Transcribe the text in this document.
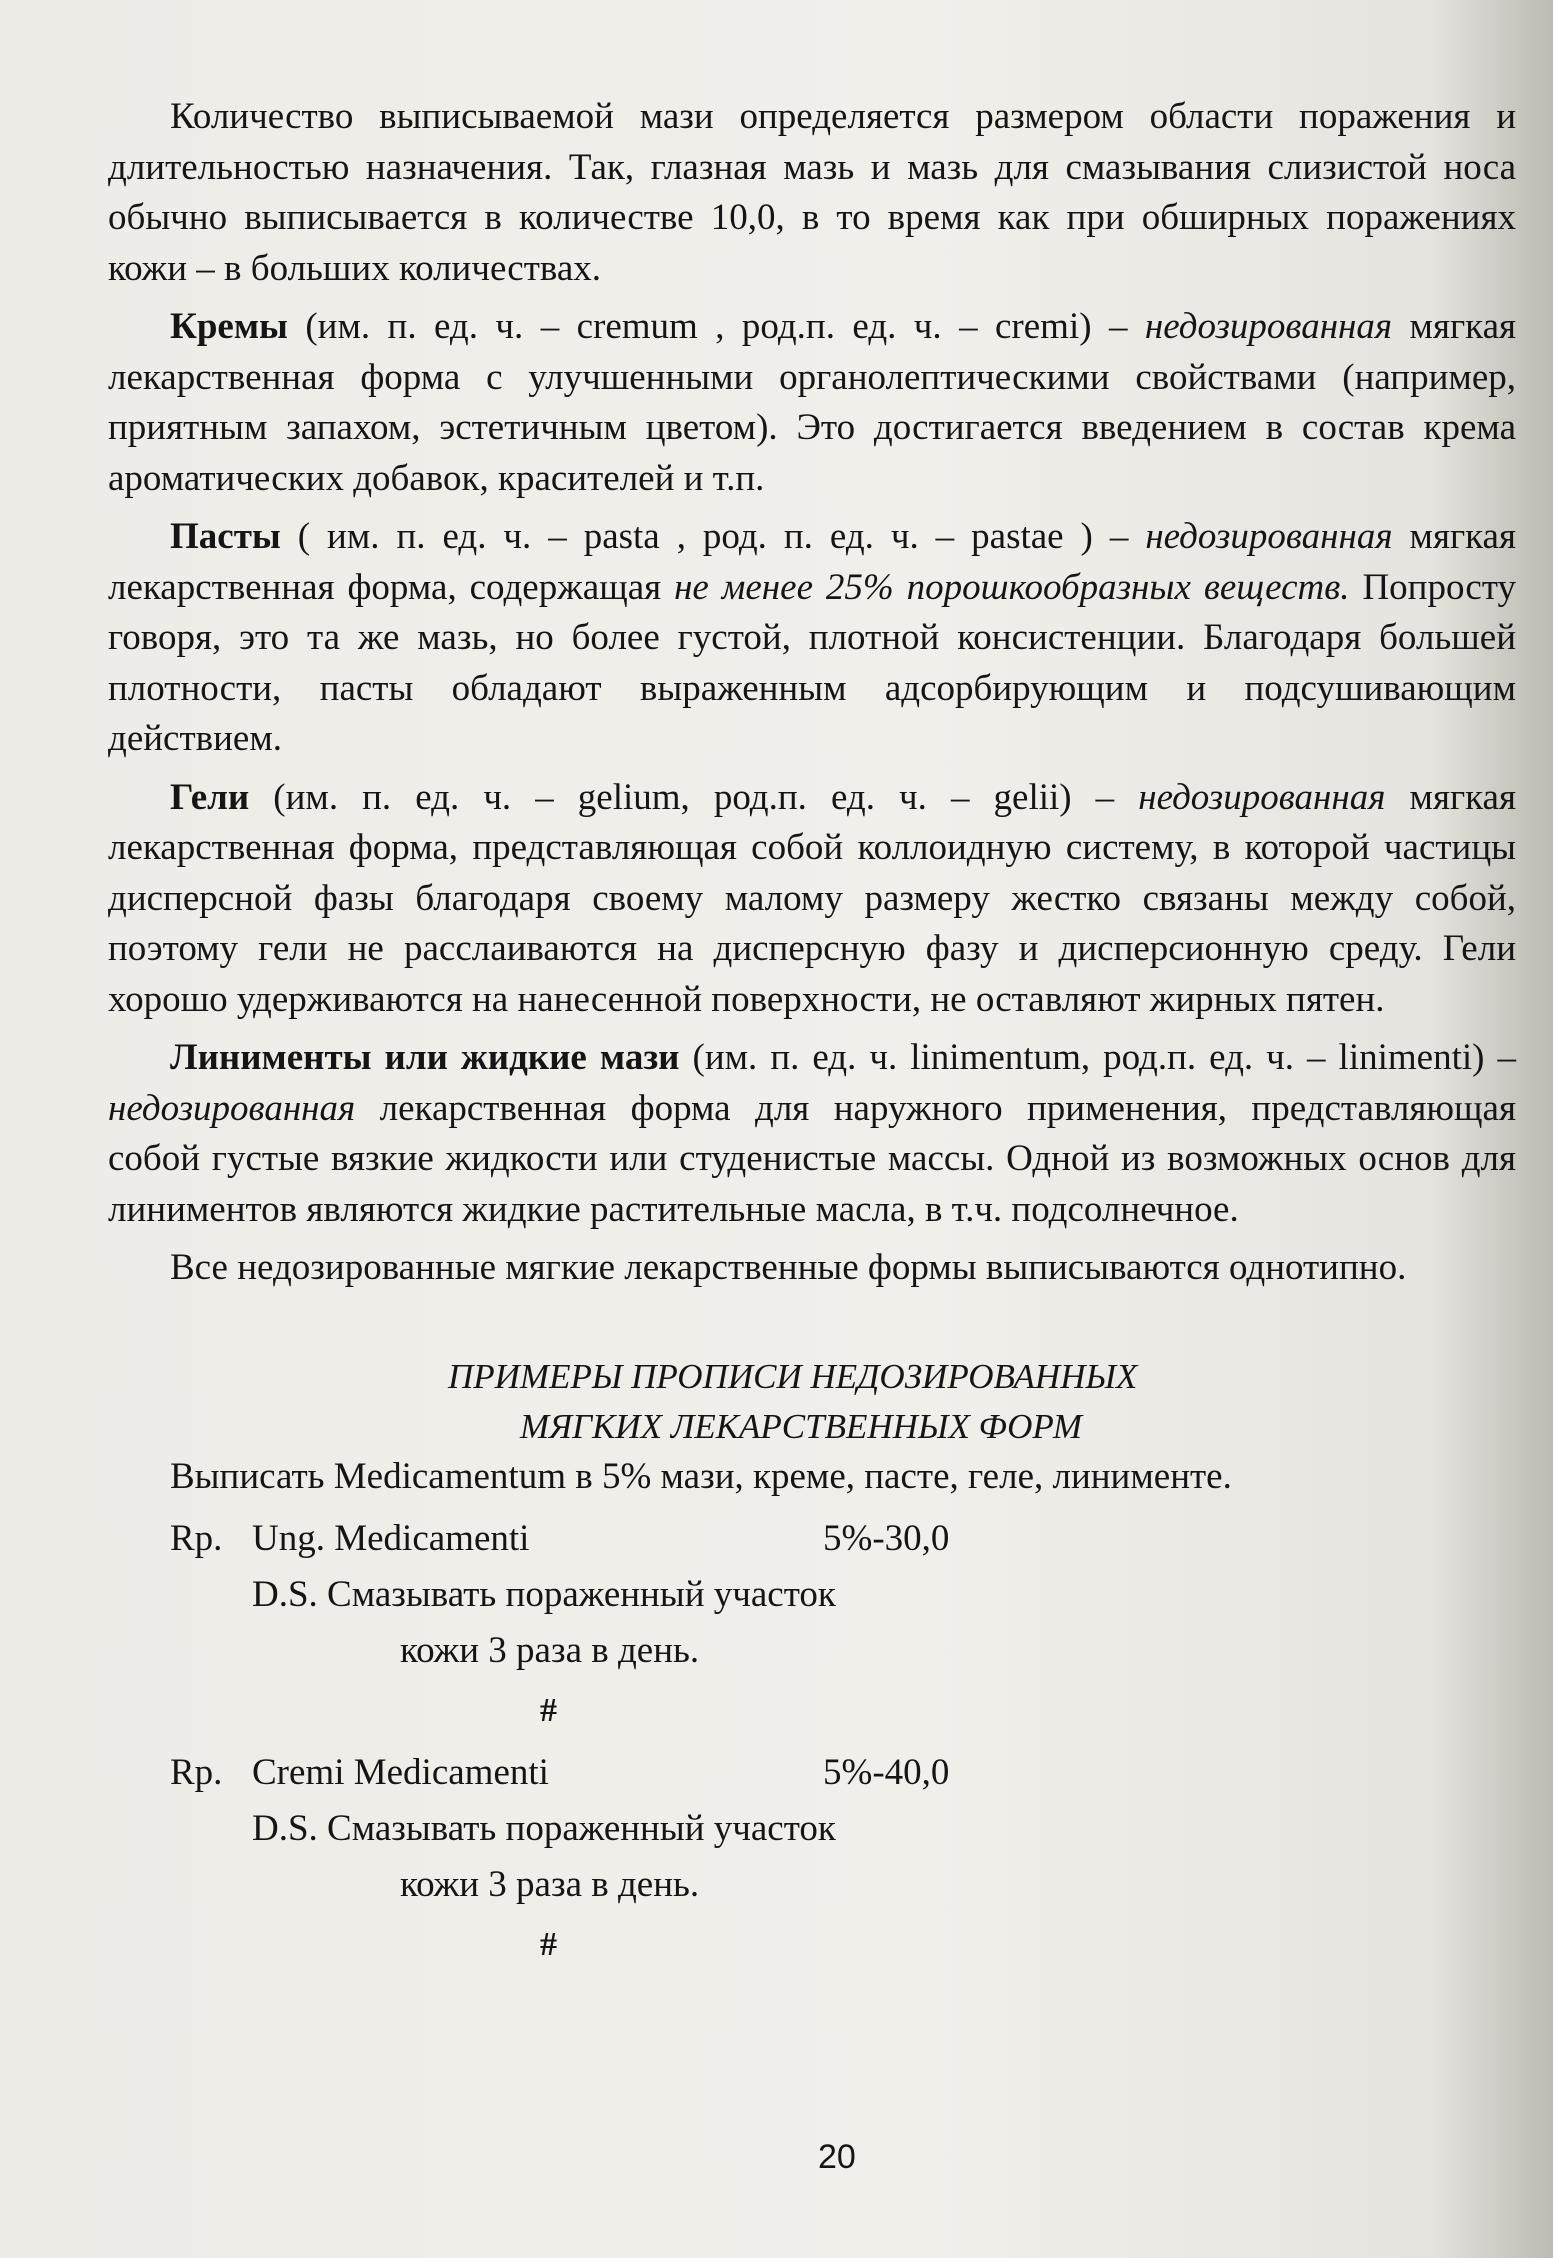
Количество выписываемой мази определяется размером области поражения и длительностью назначения. Так, глазная мазь и мазь для смазывания слизистой носа обычно выписывается в количестве 10,0, в то время как при обширных поражениях кожи – в больших количествах.

Кремы (им. п. ед. ч. – cremum , род.п. ед. ч. – cremi) – недозированная мягкая лекарственная форма с улучшенными органолептическими свойствами (например, приятным запахом, эстетичным цветом). Это достигается введением в состав крема ароматических добавок, красителей и т.п.

Пасты ( им. п. ед. ч. – pasta , род. п. ед. ч. – pastae ) – недозированная мягкая лекарственная форма, содержащая не менее 25% порошкообразных веществ. Попросту говоря, это та же мазь, но более густой, плотной консистенции. Благодаря большей плотности, пасты обладают выраженным адсорбирующим и подсушивающим действием.

Гели (им. п. ед. ч. – gelium, род.п. ед. ч. – gelii) – недозированная мягкая лекарственная форма, представляющая собой коллоидную систему, в которой частицы дисперсной фазы благодаря своему малому размеру жестко связаны между собой, поэтому гели не расслаиваются на дисперсную фазу и дисперсионную среду. Гели хорошо удерживаются на нанесенной поверхности, не оставляют жирных пятен.

Линименты или жидкие мази (им. п. ед. ч. linimentum, род.п. ед. ч. – linimenti) – недозированная лекарственная форма для наружного применения, представляющая собой густые вязкие жидкости или студенистые массы. Одной из возможных основ для линиментов являются жидкие растительные масла, в т.ч. подсолнечное.

Все недозированные мягкие лекарственные формы выписываются однотипно.

ПРИМЕРЫ ПРОПИСИ НЕДОЗИРОВАННЫХ
МЯГКИХ ЛЕКАРСТВЕННЫХ ФОРМ

Выписать Medicamentum в 5% мази, креме, пасте, геле, линименте.

Rp. Ung. Medicamenti	5%-30,0
D.S. Смазывать пораженный участок
кожи 3 раза в день.
#
Rp. Cremi Medicamenti	5%-40,0
D.S. Смазывать пораженный участок
кожи 3 раза в день.
#
20
